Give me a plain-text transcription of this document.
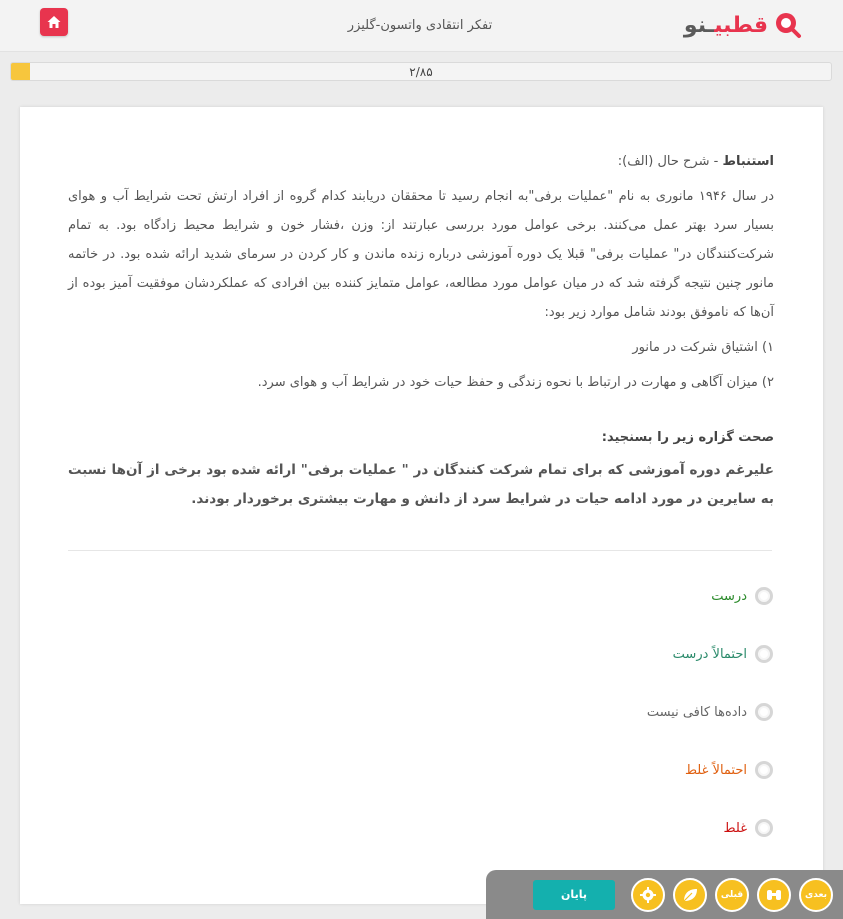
تفکر انتقادی واتسون-گلیزر	قطبیـنو
۲/۸۵

استنباط - شرح حال (الف):

در سال ۱۹۴۶ مانوری به نام "عملیات برفی"به انجام رسید تا محققان دریابند کدام گروه از افراد ارتش تحت شرایط آب و هوای بسیار سرد بهتر عمل می‌کنند. برخی عوامل مورد بررسی عبارتند از: وزن ،فشار خون و شرایط محیط زادگاه بود. به تمام شرکت‌کنندگان در" عملیات برفی" قبلا یک دوره آموزشی درباره زنده ماندن و کار کردن در سرمای شدید ارائه شده بود. در خاتمه مانور چنین نتیجه گرفته شد که در میان عوامل مورد مطالعه، عوامل متمایز کننده بین افرادی که عملکردشان موفقیت آمیز بوده از آن‌ها که ناموفق بودند شامل موارد زیر بود:

۱) اشتیاق شرکت در مانور

۲) میزان آگاهی و مهارت در ارتباط با نحوه زندگی و حفظ حیات خود در شرایط آب و هوای سرد.

صحت گزاره زیر را بسنجید:

علیرغم دوره آموزشی که برای تمام شرکت کنندگان در " عملیات برفی" ارائه شده بود برخی از آن‌ها نسبت به سایرین در مورد ادامه حیات در شرایط سرد از دانش و مهارت بیشتری برخوردار بودند.

درست
احتمالاً درست
داده‌ها کافی نیست
احتمالاً غلط
غلط
بعدی
قبلی
پایان
